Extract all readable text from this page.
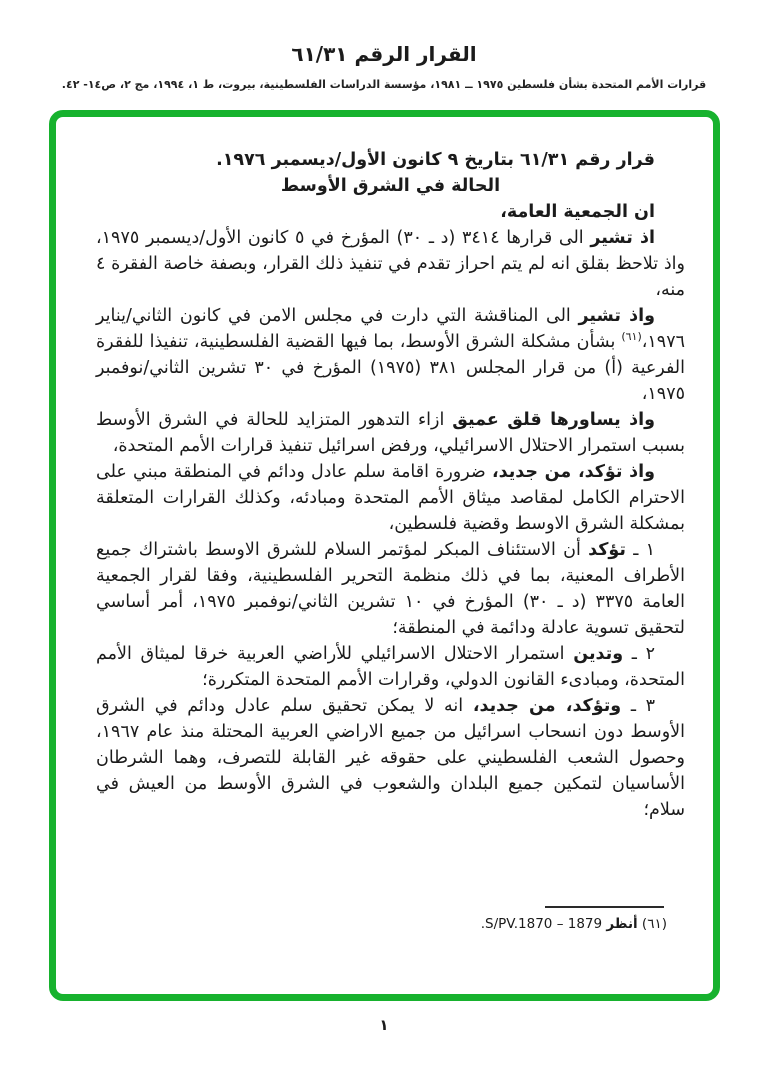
القرار الرقم ٦١/٣١
قرارات الأمم المتحدة بشأن فلسطين ١٩٧٥ ــ ١٩٨١، مؤسسة الدراسات الفلسطينية، بيروت، ط ١، ١٩٩٤، مج ٢، ص١٤- ٤٢.

قرار رقم ٦١/٣١ بتاريخ ٩ كانون الأول/ديسمبر ١٩٧٦.

الحالة في الشرق الأوسط

ان الجمعية العامة،

اذ تشير الى قرارها ٣٤١٤ (د ـ ٣٠) المؤرخ في ٥ كانون الأول/ديسمبر ١٩٧٥، واذ تلاحظ بقلق انه لم يتم احراز تقدم في تنفيذ ذلك القرار، وبصفة خاصة الفقرة ٤ منه،

واذ تشير الى المناقشة التي دارت في مجلس الامن في كانون الثاني/يناير ١٩٧٦،$^{(٦١)}$ بشأن مشكلة الشرق الأوسط، بما فيها القضية الفلسطينية، تنفيذا للفقرة الفرعية (أ) من قرار المجلس ٣٨١ (١٩٧٥) المؤرخ في ٣٠ تشرين الثاني/نوفمبر ١٩٧٥،

واذ يساورها قلق عميق ازاء التدهور المتزايد للحالة في الشرق الأوسط بسبب استمرار الاحتلال الاسرائيلي، ورفض اسرائيل تنفيذ قرارات الأمم المتحدة،

واذ تؤكد، من جديد، ضرورة اقامة سلم عادل ودائم في المنطقة مبني على الاحترام الكامل لمقاصد ميثاق الأمم المتحدة ومبادئه، وكذلك القرارات المتعلقة بمشكلة الشرق الاوسط وقضية فلسطين،

١ ـ تؤكد أن الاستئناف المبكر لمؤتمر السلام للشرق الاوسط باشتراك جميع الأطراف المعنية، بما في ذلك منظمة التحرير الفلسطينية، وفقا لقرار الجمعية العامة ٣٣٧٥ (د ـ ٣٠) المؤرخ في ١٠ تشرين الثاني/نوفمبر ١٩٧٥، أمر أساسي لتحقيق تسوية عادلة ودائمة في المنطقة؛

٢ ـ وتدين استمرار الاحتلال الاسرائيلي للأراضي العربية خرقا لميثاق الأمم المتحدة، ومبادىء القانون الدولي، وقرارات الأمم المتحدة المتكررة؛

٣ ـ وتؤكد، من جديد، انه لا يمكن تحقيق سلم عادل ودائم في الشرق الأوسط دون انسحاب اسرائيل من جميع الاراضي العربية المحتلة منذ عام ١٩٦٧، وحصول الشعب الفلسطيني على حقوقه غير القابلة للتصرف، وهما الشرطان الأساسيان لتمكين جميع البلدان والشعوب في الشرق الأوسط من العيش في سلام؛

(٦١) أنظر S/PV.1870 – 1879.
١
